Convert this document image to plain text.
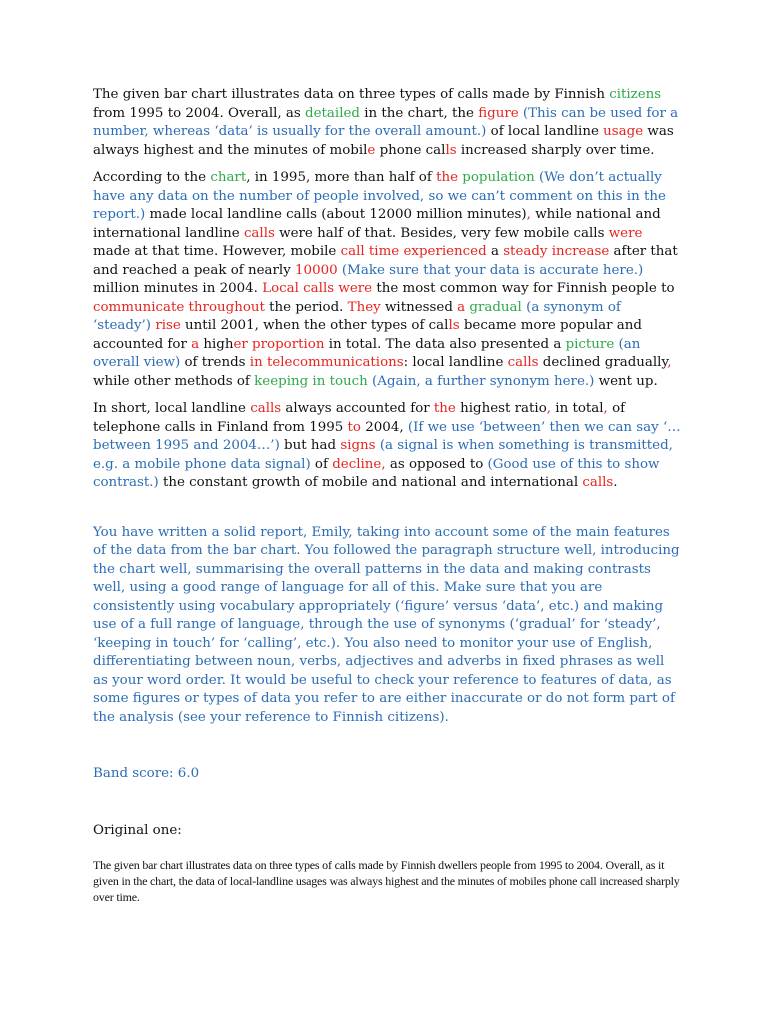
The given bar chart illustrates data on three types of calls made by Finnish citizens from 1995 to 2004. Overall, as detailed in the chart, the figure (This can be used for a number, whereas ‘data’ is usually for the overall amount.) of local landline usage was always highest and the minutes of mobile phone calls increased sharply over time.

According to the chart, in 1995, more than half of the population (We don’t actually have any data on the number of people involved, so we can’t comment on this in the report.) made local landline calls (about 12000 million minutes), while national and international landline calls were half of that. Besides, very few mobile calls were made at that time. However, mobile call time experienced a steady increase after that and reached a peak of nearly 10000 (Make sure that your data is accurate here.) million minutes in 2004. Local calls were the most common way for Finnish people to communicate throughout the period. They witnessed a gradual (a synonym of ‘steady’) rise until 2001, when the other types of calls became more popular and accounted for a higher proportion in total. The data also presented a picture (an overall view) of trends in telecommunications: local landline calls declined gradually, while other methods of keeping in touch (Again, a further synonym here.) went up.

In short, local landline calls always accounted for the highest ratio, in total, of telephone calls in Finland from 1995 to 2004, (If we use ‘between’ then we can say ‘… between 1995 and 2004…’) but had signs (a signal is when something is transmitted, e.g. a mobile phone data signal) of decline, as opposed to (Good use of this to show contrast.) the constant growth of mobile and national and international calls.

You have written a solid report, Emily, taking into account some of the main features of the data from the bar chart. You followed the paragraph structure well, introducing the chart well, summarising the overall patterns in the data and making contrasts well, using a good range of language for all of this. Make sure that you are consistently using vocabulary appropriately (‘figure’ versus ‘data’, etc.) and making use of a full range of language, through the use of synonyms (‘gradual’ for ‘steady’, ‘keeping in touch’ for ‘calling’, etc.). You also need to monitor your use of English, differentiating between noun, verbs, adjectives and adverbs in fixed phrases as well as your word order. It would be useful to check your reference to features of data, as some figures or types of data you refer to are either inaccurate or do not form part of the analysis (see your reference to Finnish citizens).
Band score: 6.0
Original one:
The given bar chart illustrates data on three types of calls made by Finnish dwellers people from 1995 to 2004. Overall, as it given in the chart, the data of local-landline usages was always highest and the minutes of mobiles phone call increased sharply over time.
